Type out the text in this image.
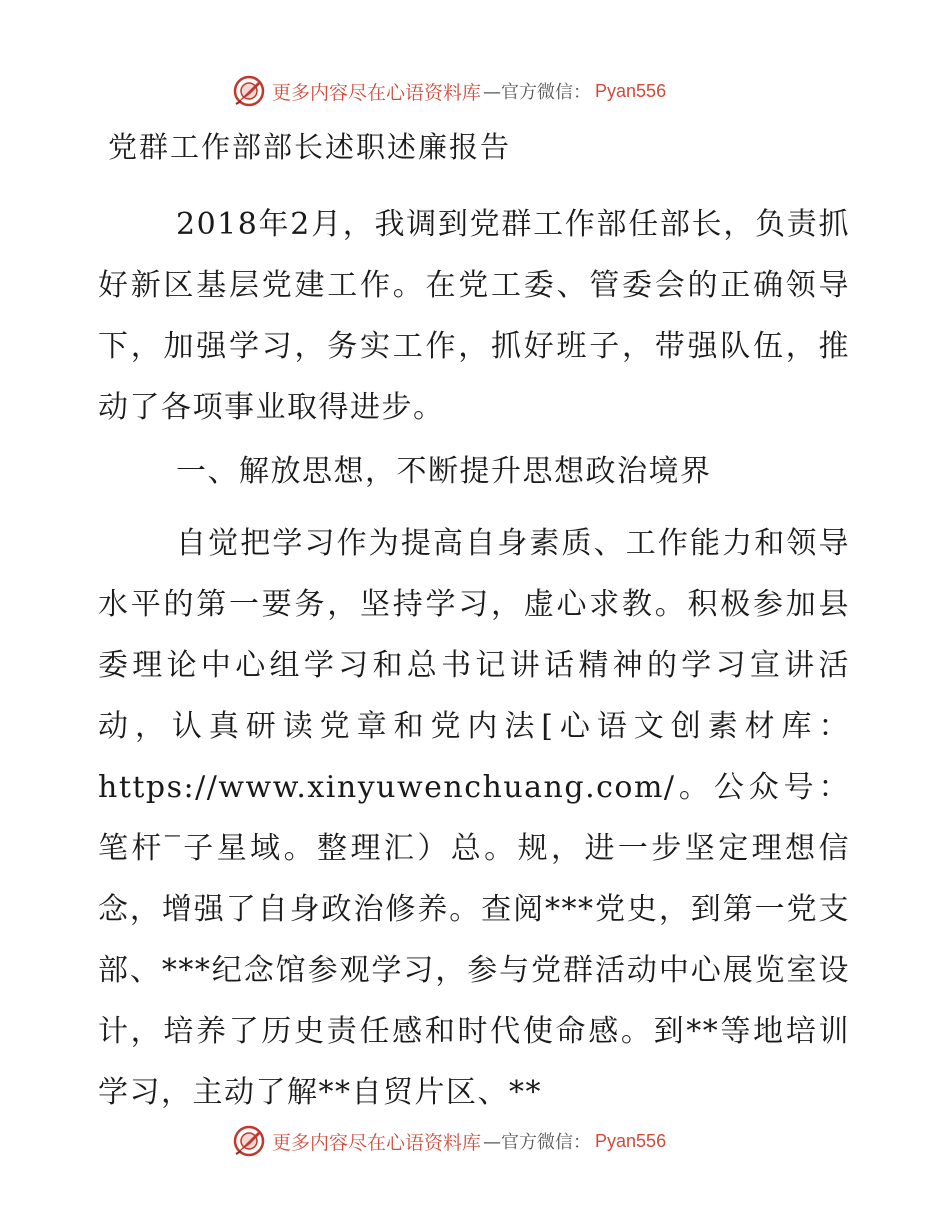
更多内容尽在心语资料库 —官方微信： Pyan556
党群工作部部长述职述廉报告

2018年2月，我调到党群工作部任部长，负责抓好新区基层党建工作。在党工委、管委会的正确领导下，加强学习，务实工作，抓好班子，带强队伍，推动了各项事业取得进步。

一、解放思想，不断提升思想政治境界

自觉把学习作为提高自身素质、工作能力和领导水平的第一要务，坚持学习，虚心求教。积极参加县委理论中心组学习和总书记讲话精神的学习宣讲活动，认真研读党章和党内法[心语文创素材库：https://www.xinyuwenchuang.com/。公众号：笔杆‾子星域。整理汇）总。规，进一步坚定理想信念，增强了自身政治修养。查阅***党史，到第一党支部、***纪念馆参观学习，参与党群活动中心展览室设计，培养了历史责任感和时代使命感。到**等地培训学习，主动了解**自贸片区、**

更多内容尽在心语资料库 —官方微信： Pyan556
